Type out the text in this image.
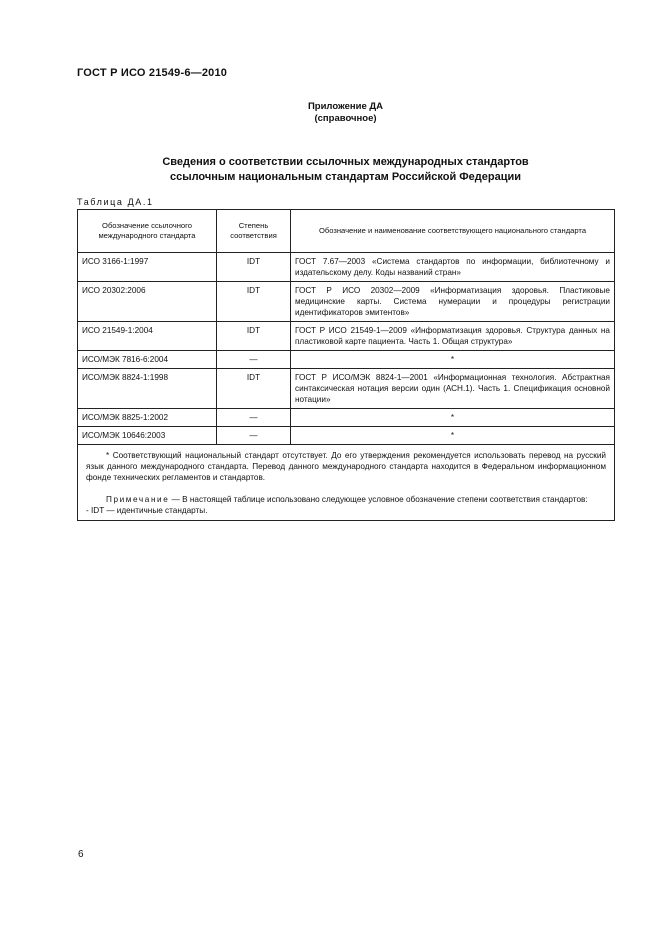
ГОСТ Р ИСО 21549-6—2010
Приложение ДА
(справочное)
Сведения о соответствии ссылочных международных стандартов
ссылочным национальным стандартам Российской Федерации
Таблица ДА.1
Обозначение ссылочного международного стандарта	Степень соответствия	Обозначение и наименование соответствующего национального стандарта
ИСО 3166-1:1997	IDT	ГОСТ 7.67—2003 «Система стандартов по информации, библиотечному и издательскому делу. Коды названий стран»
ИСО 20302:2006	IDT	ГОСТ Р ИСО 20302—2009 «Информатизация здоровья. Пластиковые медицинские карты. Система нумерации и процедуры регистрации идентификаторов эмитентов»
ИСО 21549-1:2004	IDT	ГОСТ Р ИСО 21549-1—2009 «Информатизация здоровья. Структура данных на пластиковой карте пациента. Часть 1. Общая структура»
ИСО/МЭК 7816-6:2004	—	*
ИСО/МЭК 8824-1:1998	IDT	ГОСТ Р ИСО/МЭК 8824-1—2001 «Информационная технология. Абстрактная синтаксическая нотация версии один (АСН.1). Часть 1. Спецификация основной нотации»
ИСО/МЭК 8825-1:2002	—	*
ИСО/МЭК 10646:2003	—	*

* Соответствующий национальный стандарт отсутствует. До его утверждения рекомендуется использовать перевод на русский язык данного международного стандарта. Перевод данного международного стандарта находится в Федеральном информационном фонде технических регламентов и стандартов.

Примечание — В настоящей таблице использовано следующее условное обозначение степени соответствия стандартов:

- IDT — идентичные стандарты.		

6
